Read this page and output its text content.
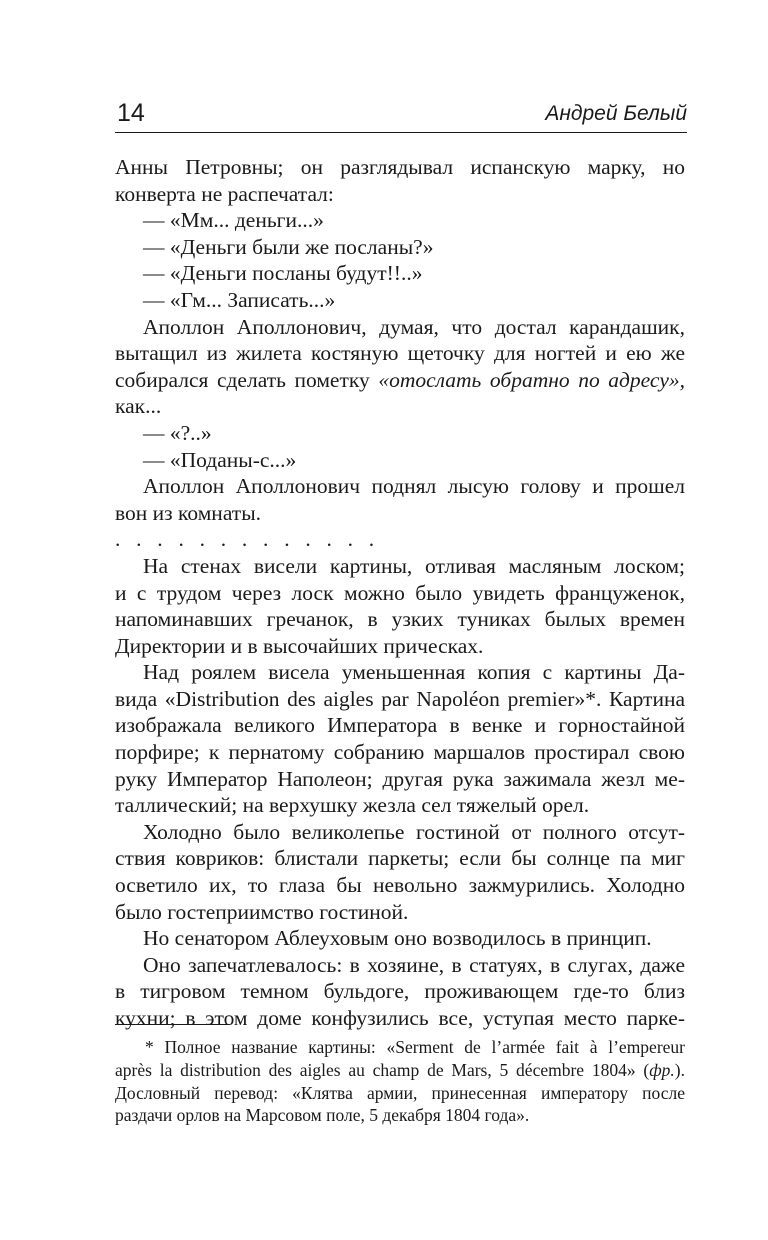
14	Андрей Белый
Анны Петровны; он разглядывал испанскую марку, но
конверта не распечатал:
— «Мм... деньги...»
— «Деньги были же посланы?»
— «Деньги посланы будут!!..»
— «Гм... Записать...»
Аполлон Аполлонович, думая, что достал карандашик,
вытащил из жилета костяную щеточку для ногтей и ею же
собирался сделать пометку «отослать обратно по адресу»,
как...
— «?..»
— «Поданы-с...»
Аполлон Аполлонович поднял лысую голову и прошел
вон из комнаты.
. . . . . . . . . . . . .
На стенах висели картины, отливая масляным лоском;
и с трудом через лоск можно было увидеть француженок,
напоминавших гречанок, в узких туниках былых времен
Директории и в высочайших прическах.
Над роялем висела уменьшенная копия с картины Да-
вида «Distribution des aigles par Napoléon premier»*. Картина
изображала великого Императора в венке и горностайной
порфире; к пернатому собранию маршалов простирал свою
руку Император Наполеон; другая рука зажимала жезл ме-
таллический; на верхушку жезла сел тяжелый орел.
Холодно было великолепье гостиной от полного отсут-
ствия ковриков: блистали паркеты; если бы солнце па миг
осветило их, то глаза бы невольно зажмурились. Холодно
было гостеприимство гостиной.
Но сенатором Аблеуховым оно возводилось в принцип.
Оно запечатлевалось: в хозяине, в статуях, в слугах, даже
в тигровом темном бульдоге, проживающем где-то близ
кухни; в этом доме конфузились все, уступая место парке-
* Полное название картины: «Serment de l’armée fait à l’empereur
après la distribution des aigles au champ de Mars, 5 décembre 1804» (фр.).
Дословный перевод: «Клятва армии, принесенная императору после
раздачи орлов на Марсовом поле, 5 декабря 1804 года».
